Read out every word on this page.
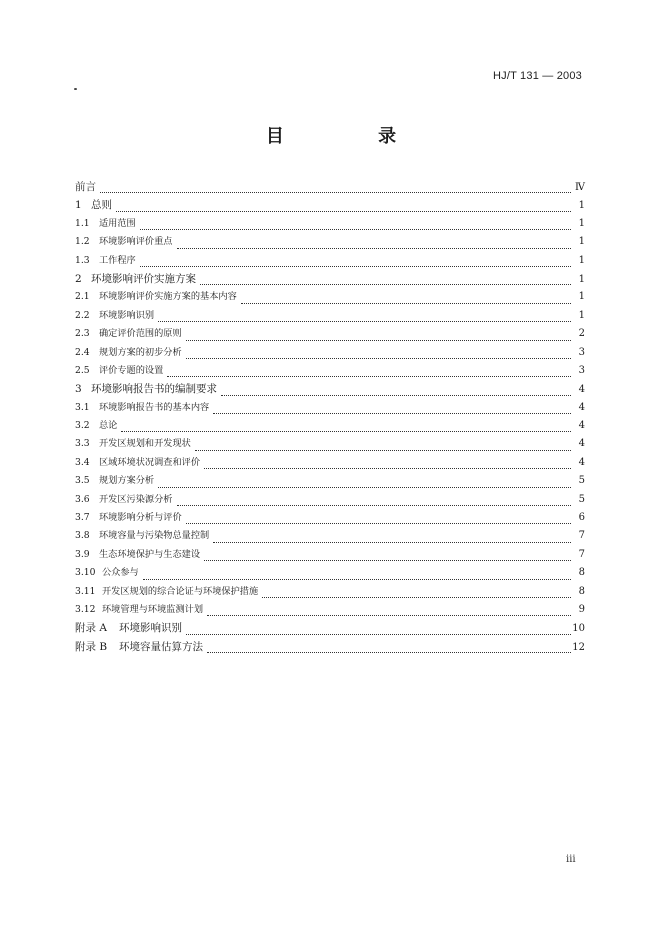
HJ/T 131 — 2003
目 录
前言	Ⅳ
1 总则	1
1.1	适用范围	1
1.2	环境影响评价重点	1
1.3	工作程序	1
2 环境影响评价实施方案	1
2.1	环境影响评价实施方案的基本内容	1
2.2	环境影响识别	1
2.3	确定评价范围的原则	2
2.4	规划方案的初步分析	3
2.5	评价专题的设置	3
3 环境影响报告书的编制要求	4
3.1	环境影响报告书的基本内容	4
3.2	总论	4
3.3	开发区规划和开发现状	4
3.4	区域环境状况调查和评价	4
3.5	规划方案分析	5
3.6	开发区污染源分析	5
3.7	环境影响分析与评价	6
3.8	环境容量与污染物总量控制	7
3.9	生态环境保护与生态建设	7
3.10 公众参与	8
3.11 开发区规划的综合论证与环境保护措施	8
3.12 环境管理与环境监测计划	9
附录 A	环境影响识别	10
附录 B	环境容量估算方法	12
ⅲ
